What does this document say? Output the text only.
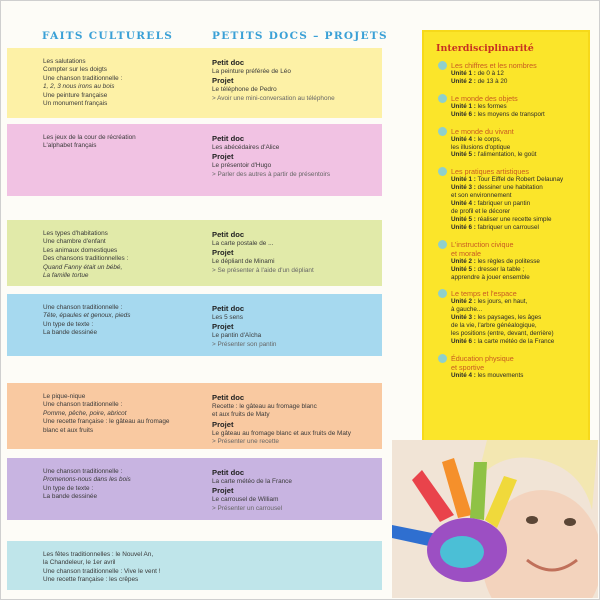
FAITS CULTURELS	PETITS DOCS – PROJETS
Les salutations
Compter sur les doigts
Une chanson traditionnelle :
1, 2, 3 nous irons au bois
Une peinture française
Un monument français
Petit doc
La peinture préférée de Léo
Projet
Le téléphone de Pedro
> Avoir une mini-conversation au téléphone
Les jeux de la cour de récréation
L'alphabet français
Petit doc
Les abécédaires d'Alice
Projet
Le présentoir d'Hugo
> Parler des autres à partir de présentoirs
Les types d'habitations
Une chambre d'enfant
Les animaux domestiques
Des chansons traditionnelles :
Quand Fanny était un bébé,
La famille tortue
Petit doc
La carte postale de ...
Projet
Le dépliant de Minami
> Se présenter à l'aide d'un dépliant
Une chanson traditionnelle :
Tête, épaules et genoux, pieds
Un type de texte :
La bande dessinée
Petit doc
Les 5 sens
Projet
Le pantin d'Aïcha
> Présenter son pantin
Le pique-nique
Une chanson traditionnelle :
Pomme, pêche, poire, abricot
Une recette française : le gâteau au fromage
blanc et aux fruits
Petit doc
Recette : le gâteau au fromage blanc
et aux fruits de Maty
Projet
Le gâteau au fromage blanc et aux fruits de Maty
> Présenter une recette
Une chanson traditionnelle :
Promenons-nous dans les bois
Un type de texte :
La bande dessinée
Petit doc
La carte météo de la France
Projet
Le carrousel de William
> Présenter un carrousel
Les fêtes traditionnelles : le Nouvel An,
la Chandeleur, le 1er avril
Une chanson traditionnelle : Vive le vent !
Une recette française : les crêpes
Interdisciplinarité
Les chiffres et les nombres
Unité 1 : de 0 à 12
Unité 2 : de 13 à 20
Le monde des objets
Unité 1 : les formes
Unité 6 : les moyens de transport
Le monde du vivant
Unité 4 : le corps,
les illusions d'optique
Unité 5 : l'alimentation, le goût
Les pratiques artistiques
Unité 1 : Tour Eiffel de Robert Delaunay
Unité 3 : dessiner une habitation
et son environnement
Unité 4 : fabriquer un pantin
de profil et le décorer
Unité 5 : réaliser une recette simple
Unité 6 : fabriquer un carrousel
L'instruction civique
et morale
Unité 2 : les règles de politesse
Unité 5 : dresser la table ;
apprendre à jouer ensemble
Le temps et l'espace
Unité 2 : les jours, en haut,
à gauche...
Unité 3 : les paysages, les âges
de la vie, l'arbre généalogique,
les positions (entre, devant, derrière)
Unité 6 : la carte météo de la France
Éducation physique
et sportive
Unité 4 : les mouvements
